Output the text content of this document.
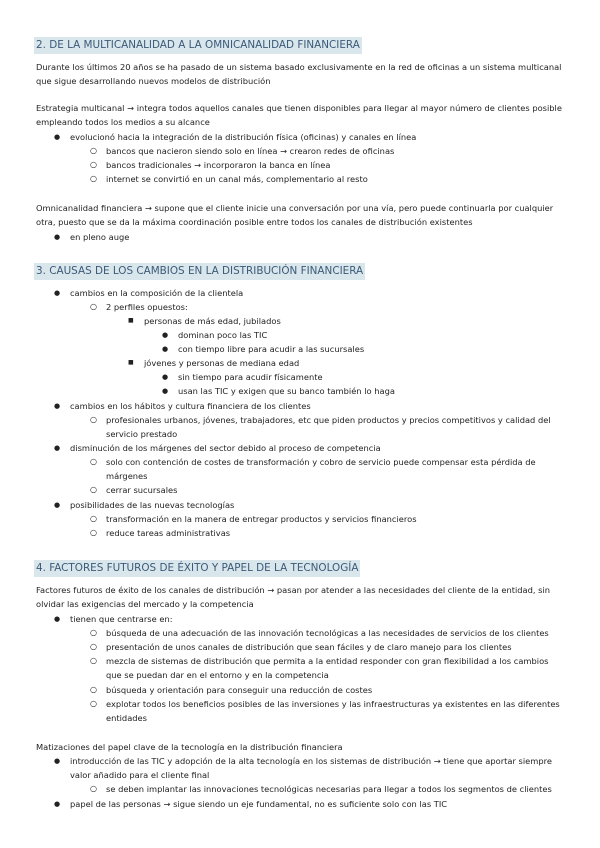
2. DE LA MULTICANALIDAD A LA OMNICANALIDAD FINANCIERA
Durante los últimos 20 años se ha pasado de un sistema basado exclusivamente en la red de oficinas a un sistema multicanal que sigue desarrollando nuevos modelos de distribución
Estrategia multicanal → integra todos aquellos canales que tienen disponibles para llegar al mayor número de clientes posible empleando todos los medios a su alcance
● evolucionó hacia la integración de la distribución física (oficinas) y canales en línea
○ bancos que nacieron siendo solo en línea → crearon redes de oficinas
○ bancos tradicionales → incorporaron la banca en línea
○ internet se convirtió en un canal más, complementario al resto
Omnicanalidad financiera → supone que el cliente inicie una conversación por una vía, pero puede continuarla por cualquier otra, puesto que se da la máxima coordinación posible entre todos los canales de distribución existentes
● en pleno auge
3. CAUSAS DE LOS CAMBIOS EN LA DISTRIBUCIÓN FINANCIERA
● cambios en la composición de la clientela
○ 2 perfiles opuestos:
■ personas de más edad, jubilados
● dominan poco las TIC
● con tiempo libre para acudir a las sucursales
■ jóvenes y personas de mediana edad
● sin tiempo para acudir físicamente
● usan las TIC y exigen que su banco también lo haga
● cambios en los hábitos y cultura financiera de los clientes
○ profesionales urbanos, jóvenes, trabajadores, etc que piden productos y precios competitivos y calidad del servicio prestado
● disminución de los márgenes del sector debido al proceso de competencia
○ solo con contención de costes de transformación y cobro de servicio puede compensar esta pérdida de márgenes
○ cerrar sucursales
● posibilidades de las nuevas tecnologías
○ transformación en la manera de entregar productos y servicios financieros
○ reduce tareas administrativas
4. FACTORES FUTUROS DE ÉXITO Y PAPEL DE LA TECNOLOGÍA
Factores futuros de éxito de los canales de distribución → pasan por atender a las necesidades del cliente de la entidad, sin olvidar las exigencias del mercado y la competencia
● tienen que centrarse en:
○ búsqueda de una adecuación de las innovación tecnológicas a las necesidades de servicios de los clientes
○ presentación de unos canales de distribución que sean fáciles y de claro manejo para los clientes
○ mezcla de sistemas de distribución que permita a la entidad responder con gran flexibilidad a los cambios que se puedan dar en el entorno y en la competencia
○ búsqueda y orientación para conseguir una reducción de costes
○ explotar todos los beneficios posibles de las inversiones y las infraestructuras ya existentes en las diferentes entidades
Matizaciones del papel clave de la tecnología en la distribución financiera
● introducción de las TIC y adopción de la alta tecnología en los sistemas de distribución → tiene que aportar siempre valor añadido para el cliente final
○ se deben implantar las innovaciones tecnológicas necesarias para llegar a todos los segmentos de clientes
● papel de las personas → sigue siendo un eje fundamental, no es suficiente solo con las TIC
